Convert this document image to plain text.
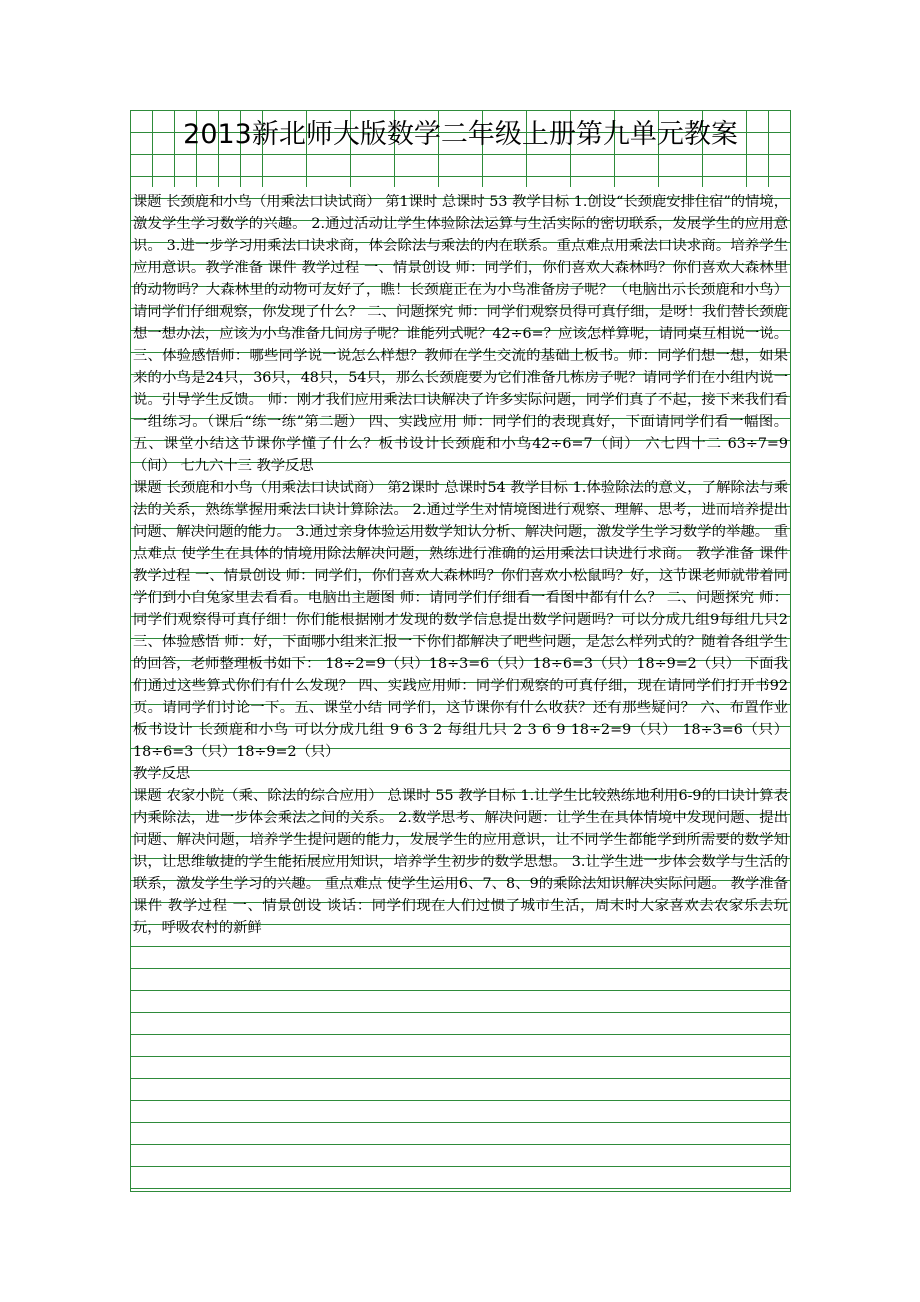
2013新北师大版数学二年级上册第九单元教案

课题 长颈鹿和小鸟（用乘法口诀试商） 第1课时 总课时 53 教学目标 1.创设“长颈鹿安排住宿”的情境，激发学生学习数学的兴趣。 2.通过活动让学生体验除法运算与生活实际的密切联系，发展学生的应用意识。 3.进一步学习用乘法口诀求商，体会除法与乘法的内在联系。重点难点用乘法口诀求商。培养学生应用意识。教学准备 课件 教学过程 一、情景创设 师：同学们，你们喜欢大森林吗？你们喜欢大森林里的动物吗？大森林里的动物可友好了，瞧！长颈鹿正在为小鸟准备房子呢？（电脑出示长颈鹿和小鸟）请同学们仔细观察，你发现了什么？ 二、问题探究 师：同学们观察员得可真仔细，是呀！我们替长颈鹿想一想办法，应该为小鸟准备几间房子呢？谁能列式呢？42÷6=？应该怎样算呢，请同桌互相说一说。三、体验感悟师：哪些同学说一说怎么样想？教师在学生交流的基础上板书。师：同学们想一想，如果来的小鸟是24只，36只，48只，54只，那么长颈鹿要为它们准备几栋房子呢？请同学们在小组内说一说。引导学生反馈。 师：刚才我们应用乘法口诀解决了许多实际问题，同学们真了不起，接下来我们看一组练习。（课后“练一练”第二题） 四、实践应用 师：同学们的表现真好，下面请同学们看一幅图。五、课堂小结这节课你学懂了什么？板书设计长颈鹿和小鸟42÷6=7（间） 六七四十二 63÷7=9（间） 七九六十三 教学反思

课题 长颈鹿和小鸟（用乘法口诀试商） 第2课时 总课时54 教学目标 1.体验除法的意义，了解除法与乘法的关系，熟练掌握用乘法口诀计算除法。 2.通过学生对情境图进行观察、理解、思考，进而培养提出问题、解决问题的能力。 3.通过亲身体验运用数学知认分析、解决问题，激发学生学习数学的举趣。 重点难点 使学生在具体的情境用除法解决问题，熟练进行准确的运用乘法口诀进行求商。 教学准备 课件 教学过程 一、情景创设 师：同学们，你们喜欢大森林吗？你们喜欢小松鼠吗？好，这节课老师就带着同学们到小白兔家里去看看。电脑出主题图 师：请同学们仔细看一看图中都有什么？ 二、问题探究 师：同学们观察得可真仔细！你们能根据刚才发现的数学信息提出数学问题吗？可以分成几组9每组几只2三、体验感悟 师：好，下面哪小组来汇报一下你们都解决了吧些问题，是怎么样列式的？随着各组学生的回答，老师整理板书如下： 18÷2=9（只）18÷3=6（只）18÷6=3（只）18÷9=2（只） 下面我们通过这些算式你们有什么发现？ 四、实践应用师：同学们观察的可真仔细，现在请同学们打开书92页。请同学们讨论一下。五、课堂小结 同学们，这节课你有什么收获？还有那些疑问？ 六、布置作业 板书设计 长颈鹿和小鸟 可以分成几组 9 6 3 2 每组几只 2 3 6 9 18÷2=9（只） 18÷3=6（只）18÷6=3（只）18÷9=2（只）

教学反思

课题 农家小院（乘、除法的综合应用） 总课时 55 教学目标 1.让学生比较熟练地利用6-9的口诀计算表内乘除法，进一步体会乘法之间的关系。 2.数学思考、解决问题：让学生在具体情境中发现问题、提出问题、解决问题，培养学生提问题的能力，发展学生的应用意识，让不同学生都能学到所需要的数学知识，让思维敏捷的学生能拓展应用知识，培养学生初步的数学思想。 3.让学生进一步体会数学与生活的联系，激发学生学习的兴趣。 重点难点 使学生运用6、7、8、9的乘除法知识解决实际问题。 教学准备 课件 教学过程 一、情景创设 谈话：同学们现在人们过惯了城市生活，周末时大家喜欢去农家乐去玩玩，呼吸农村的新鲜
